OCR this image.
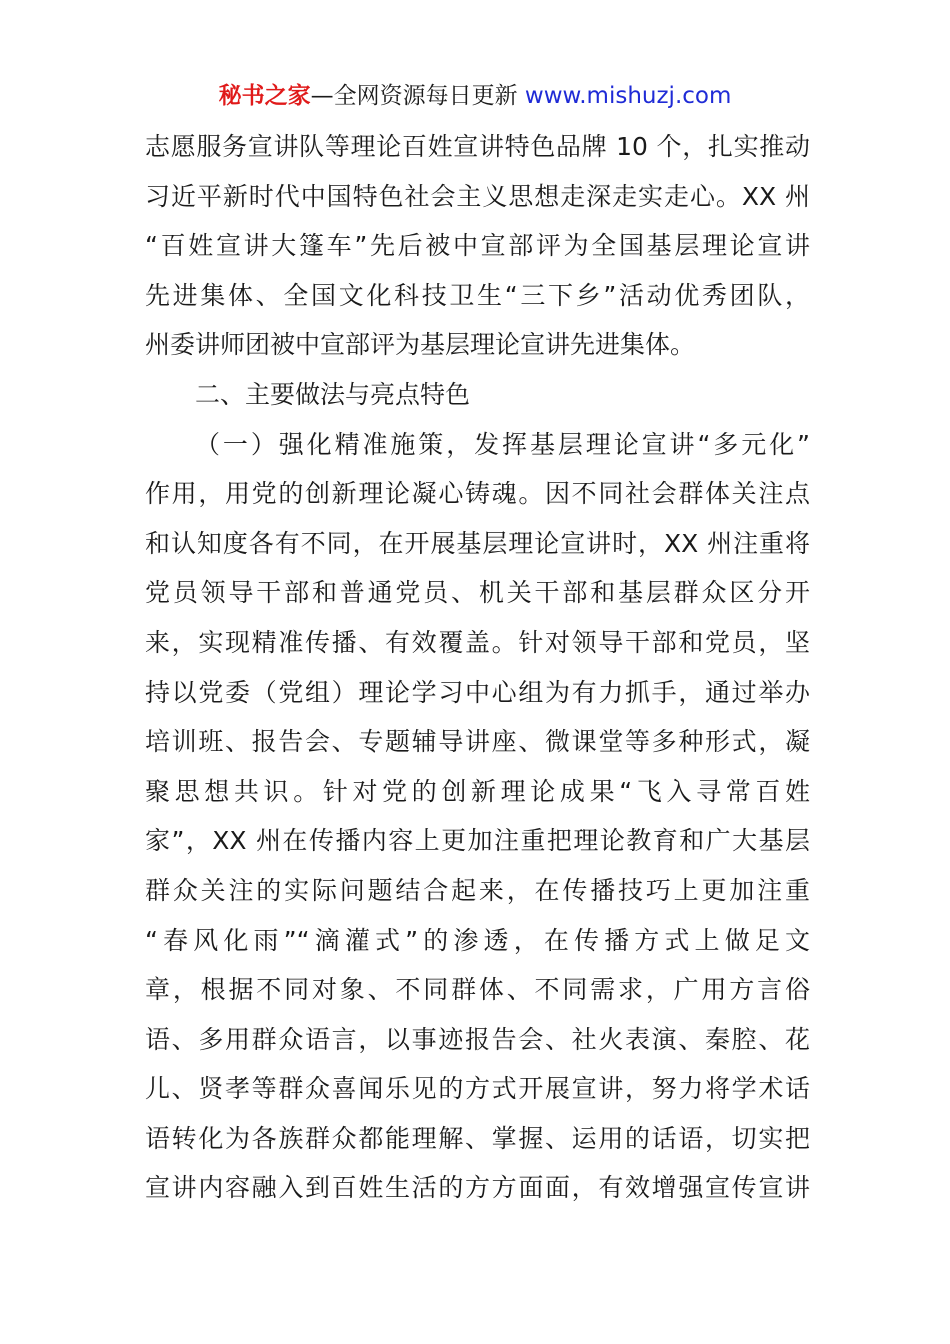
秘书之家—全网资源每日更新 www.mishuzj.com
志愿服务宣讲队等理论百姓宣讲特色品牌 10 个，扎实推动
习近平新时代中国特色社会主义思想走深走实走心。XX 州
“百姓宣讲大篷车”先后被中宣部评为全国基层理论宣讲
先进集体、全国文化科技卫生“三下乡”活动优秀团队，
州委讲师团被中宣部评为基层理论宣讲先进集体。
二、主要做法与亮点特色
（一）强化精准施策，发挥基层理论宣讲“多元化”
作用，用党的创新理论凝心铸魂。因不同社会群体关注点
和认知度各有不同，在开展基层理论宣讲时，XX 州注重将
党员领导干部和普通党员、机关干部和基层群众区分开
来，实现精准传播、有效覆盖。针对领导干部和党员，坚
持以党委（党组）理论学习中心组为有力抓手，通过举办
培训班、报告会、专题辅导讲座、微课堂等多种形式，凝
聚思想共识。针对党的创新理论成果“飞入寻常百姓
家”，XX 州在传播内容上更加注重把理论教育和广大基层
群众关注的实际问题结合起来，在传播技巧上更加注重
“春风化雨”“滴灌式”的渗透，在传播方式上做足文
章，根据不同对象、不同群体、不同需求，广用方言俗
语、多用群众语言，以事迹报告会、社火表演、秦腔、花
儿、贤孝等群众喜闻乐见的方式开展宣讲，努力将学术话
语转化为各族群众都能理解、掌握、运用的话语，切实把
宣讲内容融入到百姓生活的方方面面，有效增强宣传宣讲
